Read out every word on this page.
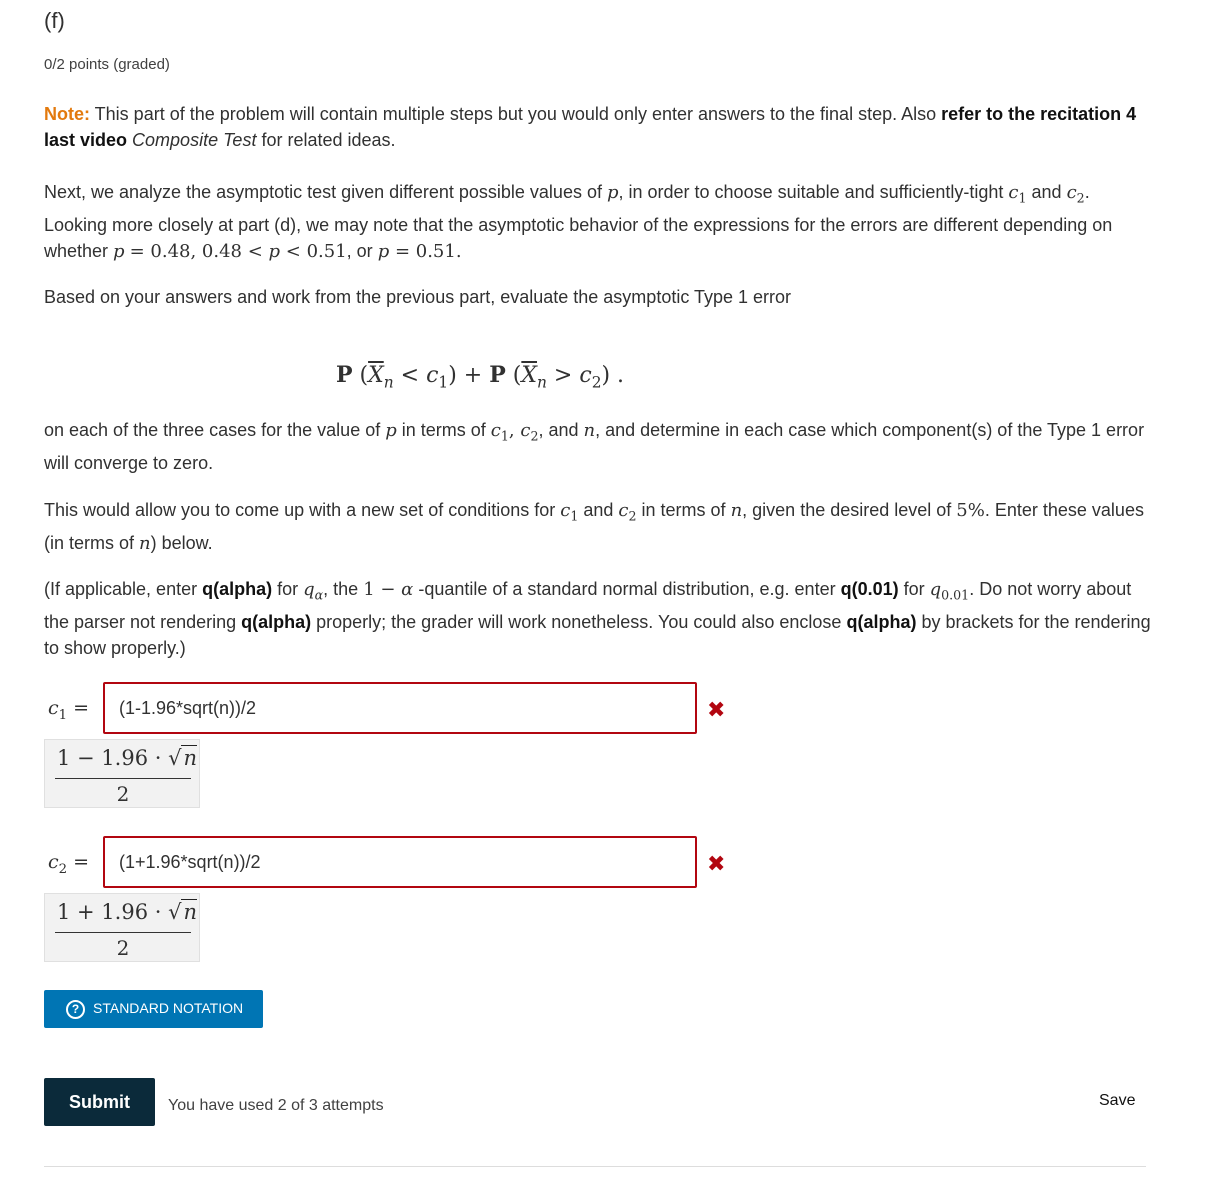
(f)
0/2 points (graded)
Note: This part of the problem will contain multiple steps but you would only enter answers to the final step. Also refer to the recitation 4 last video Composite Test for related ideas.
Next, we analyze the asymptotic test given different possible values of p, in order to choose suitable and sufficiently-tight $c_1$ and $c_2$. Looking more closely at part (d), we may note that the asymptotic behavior of the expressions for the errors are different depending on whether p = 0.48, 0.48 < p < 0.51, or p = 0.51.
Based on your answers and work from the previous part, evaluate the asymptotic Type 1 error
P $(\overline{X}_n < c_1) + P$ $(\overline{X}_n > c_2)$ .
on each of the three cases for the value of p in terms of $c_1$, $c_2$, and n, and determine in each case which component(s) of the Type 1 error will converge to zero.
This would allow you to come up with a new set of conditions for $c_1$ and $c_2$ in terms of n, given the desired level of 5%. Enter these values (in terms of n) below.
(If applicable, enter q(alpha) for $q_\alpha$, the 1 − α -quantile of a standard normal distribution, e.g. enter q(0.01) for $q_{0.01}$. Do not worry about the parser not rendering q(alpha) properly; the grader will work nonetheless. You could also enclose q(alpha) by brackets for the rendering to show properly.)
$c_1$ =
(1-1.96*sqrt(n))/2	✖
1 − 1.96 · √n
2
$c_2$ =
(1+1.96*sqrt(n))/2	✖
1 + 1.96 · √n
2
? STANDARD NOTATION
Submit	You have used 2 of 3 attempts	Save
